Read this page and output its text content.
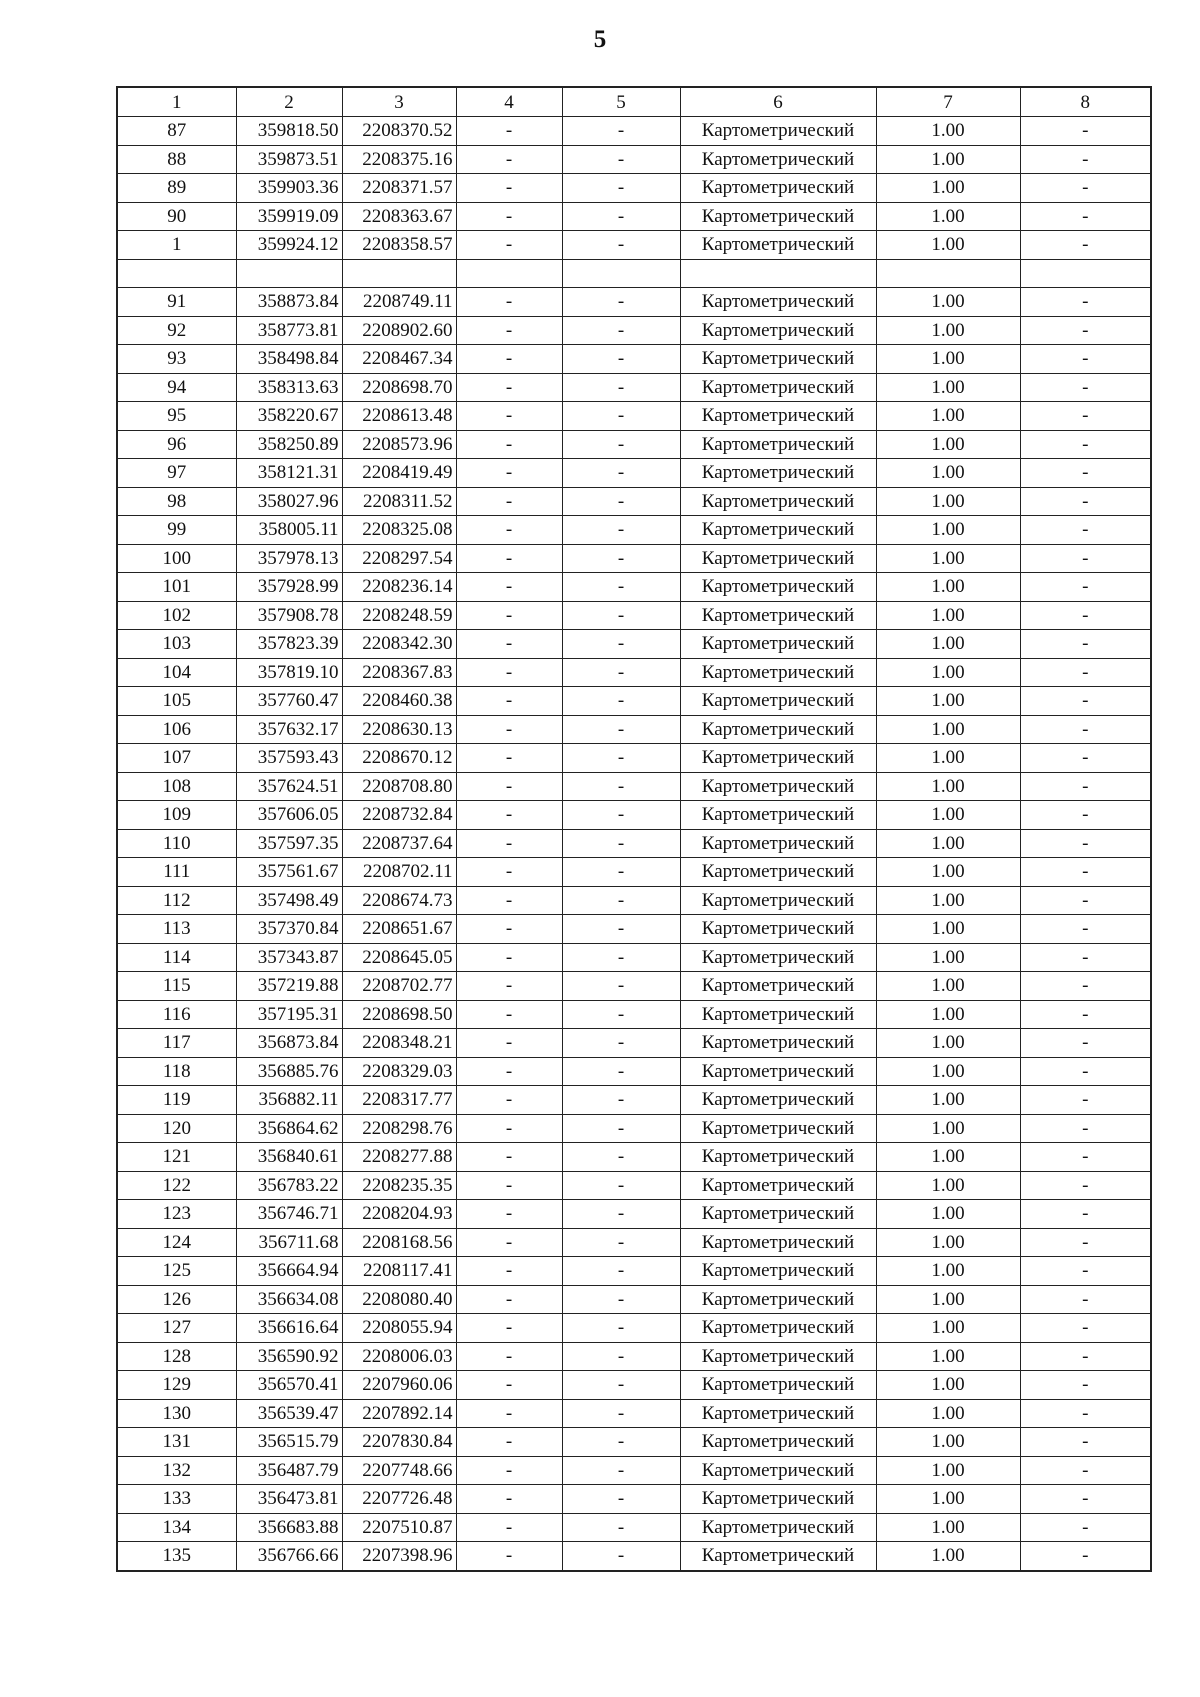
5
1	2	3	4	5	6	7	8
87	359818.50	2208370.52	-	-	Картометрический	1.00	-
88	359873.51	2208375.16	-	-	Картометрический	1.00	-
89	359903.36	2208371.57	-	-	Картометрический	1.00	-
90	359919.09	2208363.67	-	-	Картометрический	1.00	-
1	359924.12	2208358.57	-	-	Картометрический	1.00	-

91	358873.84	2208749.11	-	-	Картометрический	1.00	-
92	358773.81	2208902.60	-	-	Картометрический	1.00	-
93	358498.84	2208467.34	-	-	Картометрический	1.00	-
94	358313.63	2208698.70	-	-	Картометрический	1.00	-
95	358220.67	2208613.48	-	-	Картометрический	1.00	-
96	358250.89	2208573.96	-	-	Картометрический	1.00	-
97	358121.31	2208419.49	-	-	Картометрический	1.00	-
98	358027.96	2208311.52	-	-	Картометрический	1.00	-
99	358005.11	2208325.08	-	-	Картометрический	1.00	-
100	357978.13	2208297.54	-	-	Картометрический	1.00	-
101	357928.99	2208236.14	-	-	Картометрический	1.00	-
102	357908.78	2208248.59	-	-	Картометрический	1.00	-
103	357823.39	2208342.30	-	-	Картометрический	1.00	-
104	357819.10	2208367.83	-	-	Картометрический	1.00	-
105	357760.47	2208460.38	-	-	Картометрический	1.00	-
106	357632.17	2208630.13	-	-	Картометрический	1.00	-
107	357593.43	2208670.12	-	-	Картометрический	1.00	-
108	357624.51	2208708.80	-	-	Картометрический	1.00	-
109	357606.05	2208732.84	-	-	Картометрический	1.00	-
110	357597.35	2208737.64	-	-	Картометрический	1.00	-
111	357561.67	2208702.11	-	-	Картометрический	1.00	-
112	357498.49	2208674.73	-	-	Картометрический	1.00	-
113	357370.84	2208651.67	-	-	Картометрический	1.00	-
114	357343.87	2208645.05	-	-	Картометрический	1.00	-
115	357219.88	2208702.77	-	-	Картометрический	1.00	-
116	357195.31	2208698.50	-	-	Картометрический	1.00	-
117	356873.84	2208348.21	-	-	Картометрический	1.00	-
118	356885.76	2208329.03	-	-	Картометрический	1.00	-
119	356882.11	2208317.77	-	-	Картометрический	1.00	-
120	356864.62	2208298.76	-	-	Картометрический	1.00	-
121	356840.61	2208277.88	-	-	Картометрический	1.00	-
122	356783.22	2208235.35	-	-	Картометрический	1.00	-
123	356746.71	2208204.93	-	-	Картометрический	1.00	-
124	356711.68	2208168.56	-	-	Картометрический	1.00	-
125	356664.94	2208117.41	-	-	Картометрический	1.00	-
126	356634.08	2208080.40	-	-	Картометрический	1.00	-
127	356616.64	2208055.94	-	-	Картометрический	1.00	-
128	356590.92	2208006.03	-	-	Картометрический	1.00	-
129	356570.41	2207960.06	-	-	Картометрический	1.00	-
130	356539.47	2207892.14	-	-	Картометрический	1.00	-
131	356515.79	2207830.84	-	-	Картометрический	1.00	-
132	356487.79	2207748.66	-	-	Картометрический	1.00	-
133	356473.81	2207726.48	-	-	Картометрический	1.00	-
134	356683.88	2207510.87	-	-	Картометрический	1.00	-
135	356766.66	2207398.96	-	-	Картометрический	1.00	-
